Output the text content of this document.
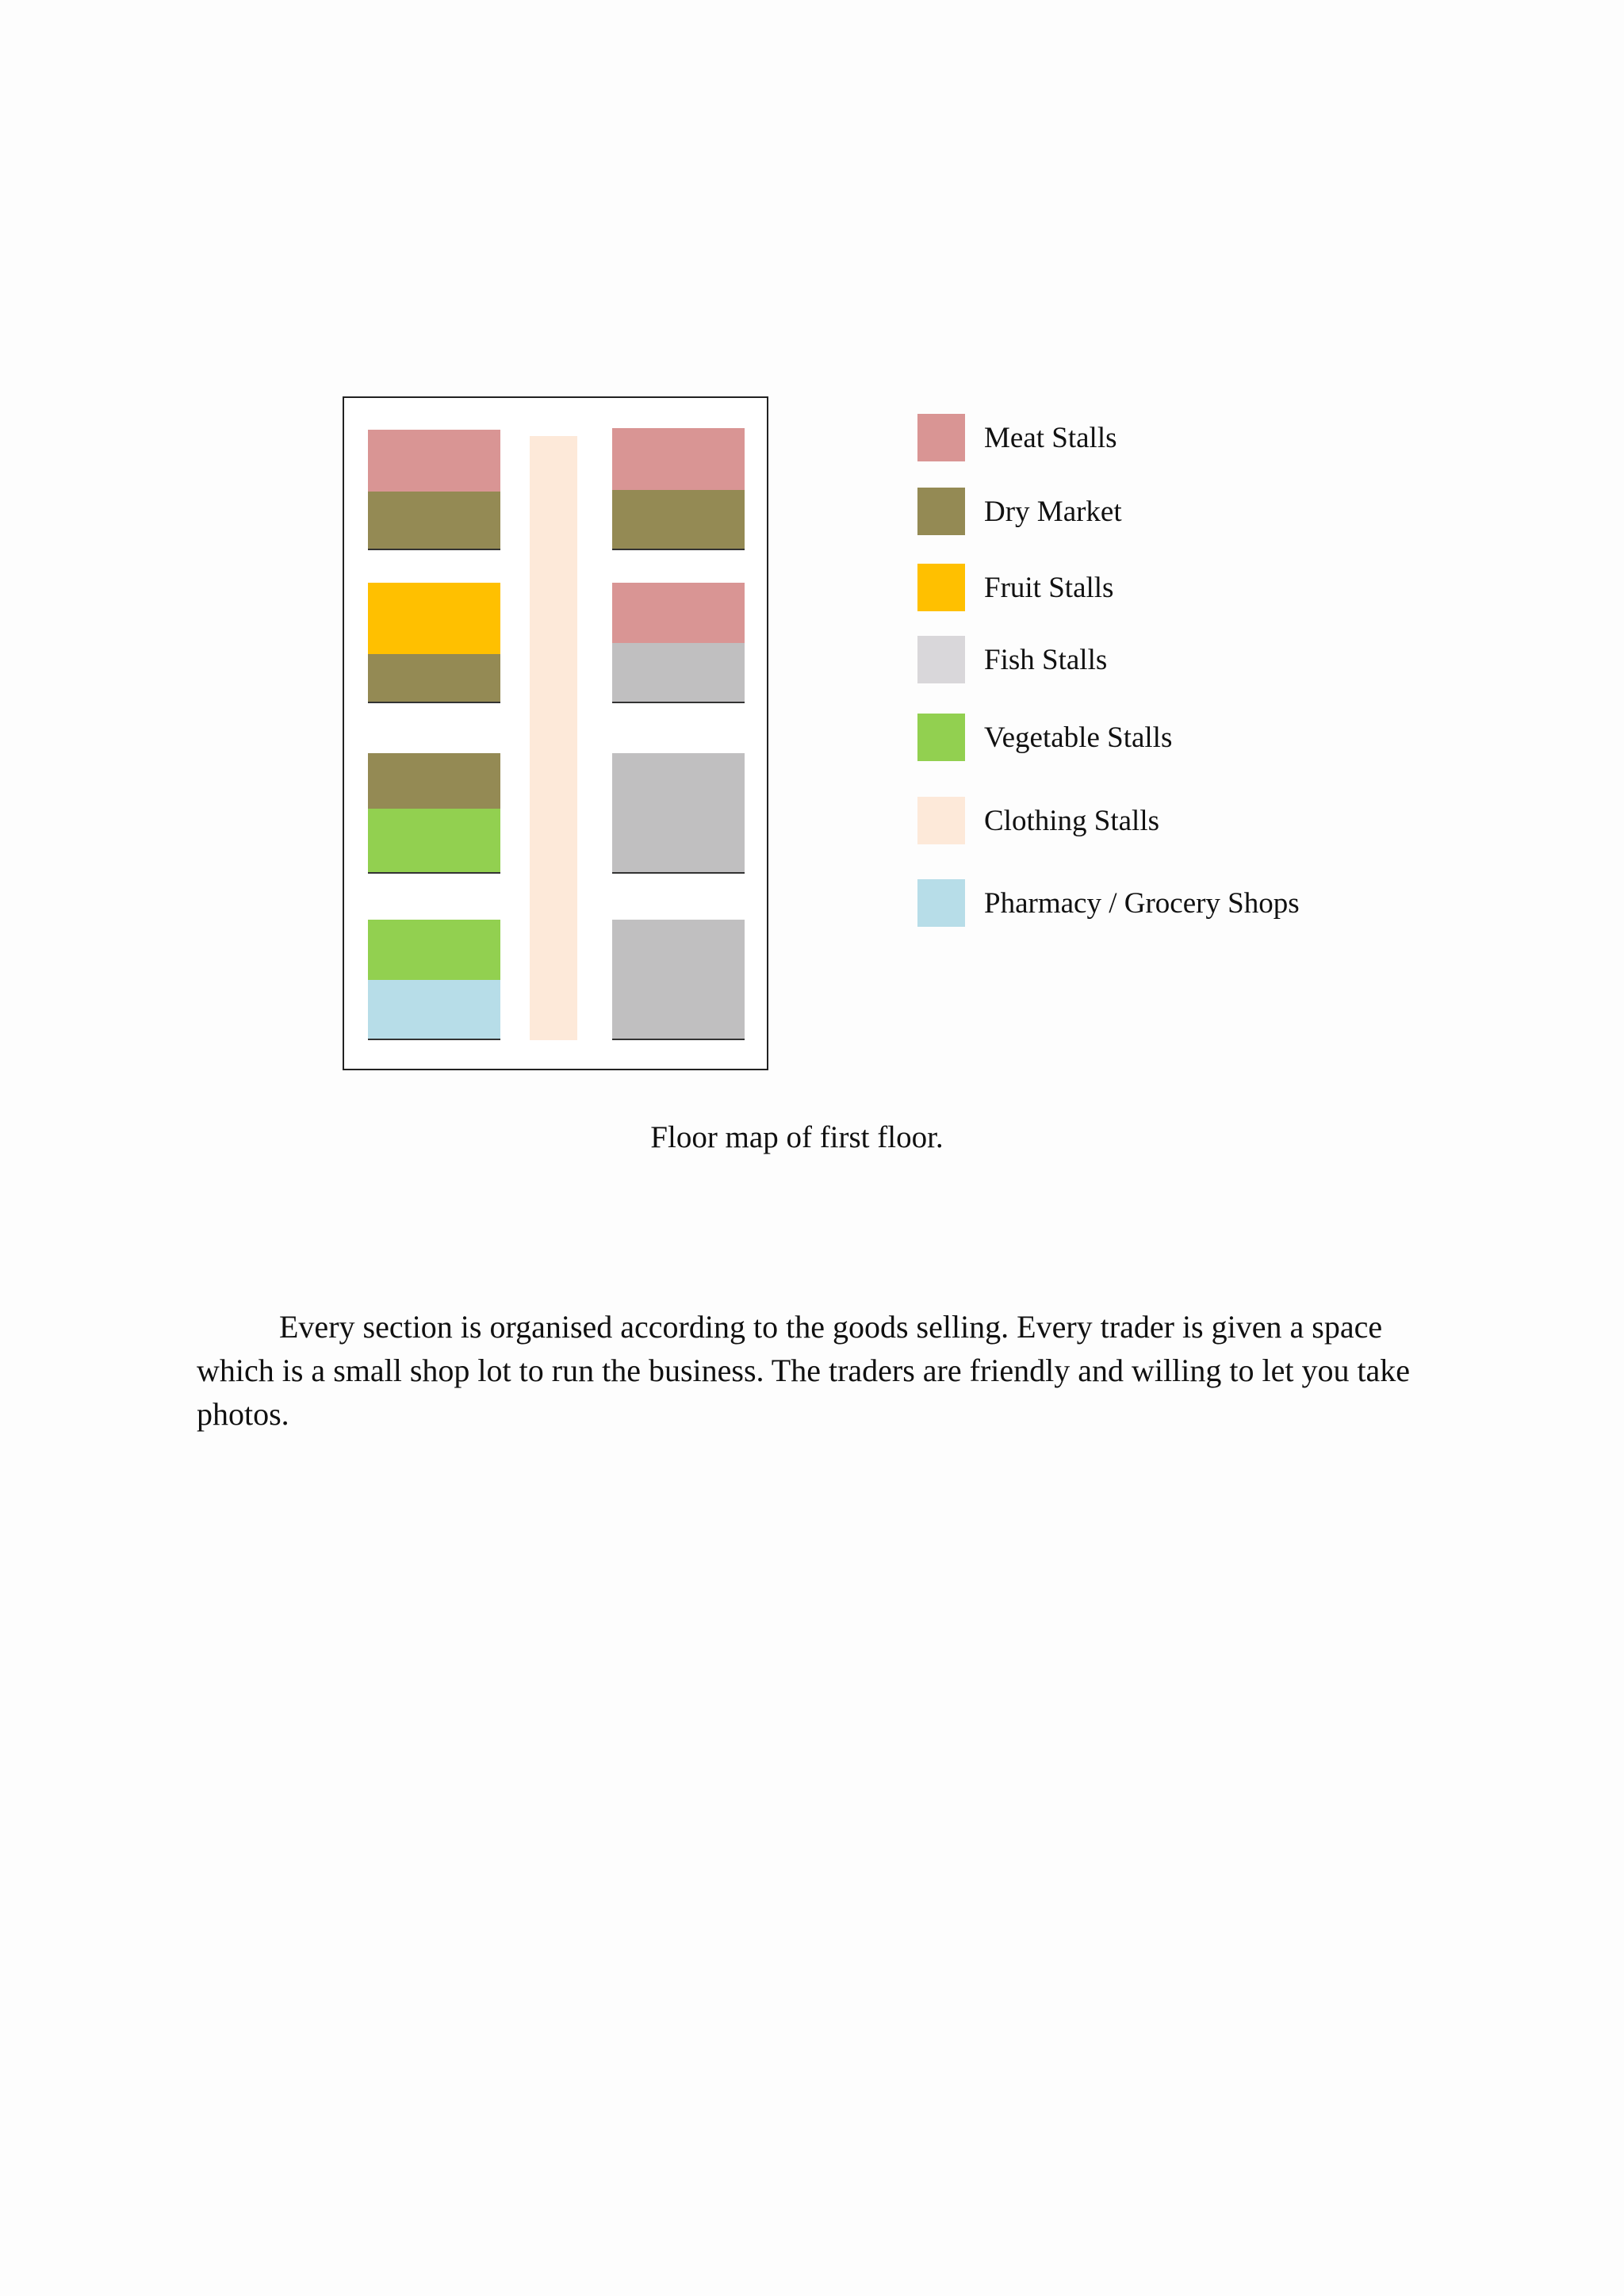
Meat Stalls
Dry Market
Fruit Stalls
Fish Stalls
Vegetable Stalls
Clothing Stalls
Pharmacy / Grocery Shops
Floor map of first floor.

Every section is organised according to the goods selling. Every trader is given a space which is a small shop lot to run the business. The traders are friendly and willing to let you take photos.
